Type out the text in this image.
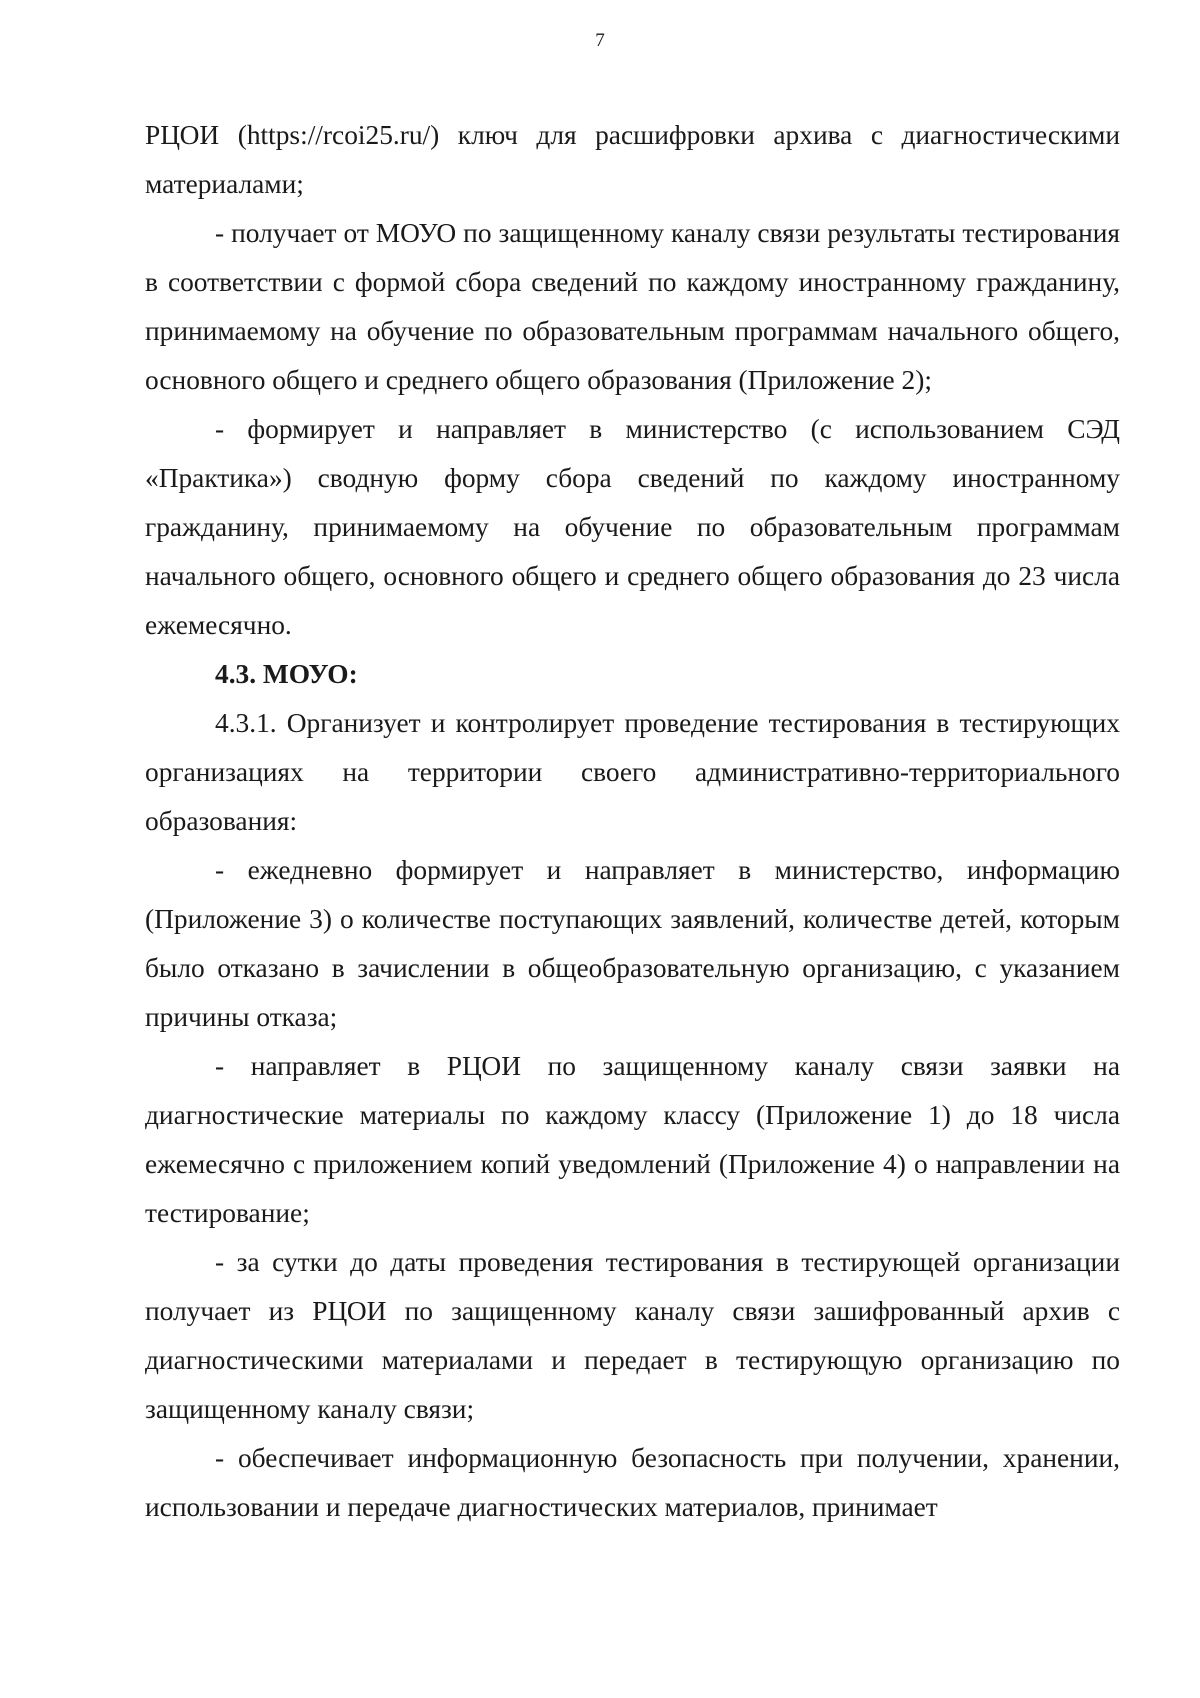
7

РЦОИ (https://rcoi25.ru/) ключ для расшифровки архива с диагностическими материалами;

- получает от МОУО по защищенному каналу связи результаты тестирования в соответствии с формой сбора сведений по каждому иностранному гражданину, принимаемому на обучение по образовательным программам начального общего, основного общего и среднего общего образования (Приложение 2);

- формирует и направляет в министерство (с использованием СЭД «Практика») сводную форму сбора сведений по каждому иностранному гражданину, принимаемому на обучение по образовательным программам начального общего, основного общего и среднего общего образования до 23 числа ежемесячно.

4.3. МОУО:

4.3.1. Организует и контролирует проведение тестирования в тестирующих организациях на территории своего административно-территориального образования:

- ежедневно формирует и направляет в министерство, информацию (Приложение 3) о количестве поступающих заявлений, количестве детей, которым было отказано в зачислении в общеобразовательную организацию, с указанием причины отказа;

- направляет в РЦОИ по защищенному каналу связи заявки на диагностические материалы по каждому классу (Приложение 1) до 18 числа ежемесячно с приложением копий уведомлений (Приложение 4) о направлении на тестирование;

- за сутки до даты проведения тестирования в тестирующей организации получает из РЦОИ по защищенному каналу связи зашифрованный архив с диагностическими материалами и передает в тестирующую организацию по защищенному каналу связи;

- обеспечивает информационную безопасность при получении, хранении, использовании и передаче диагностических материалов, принимает
